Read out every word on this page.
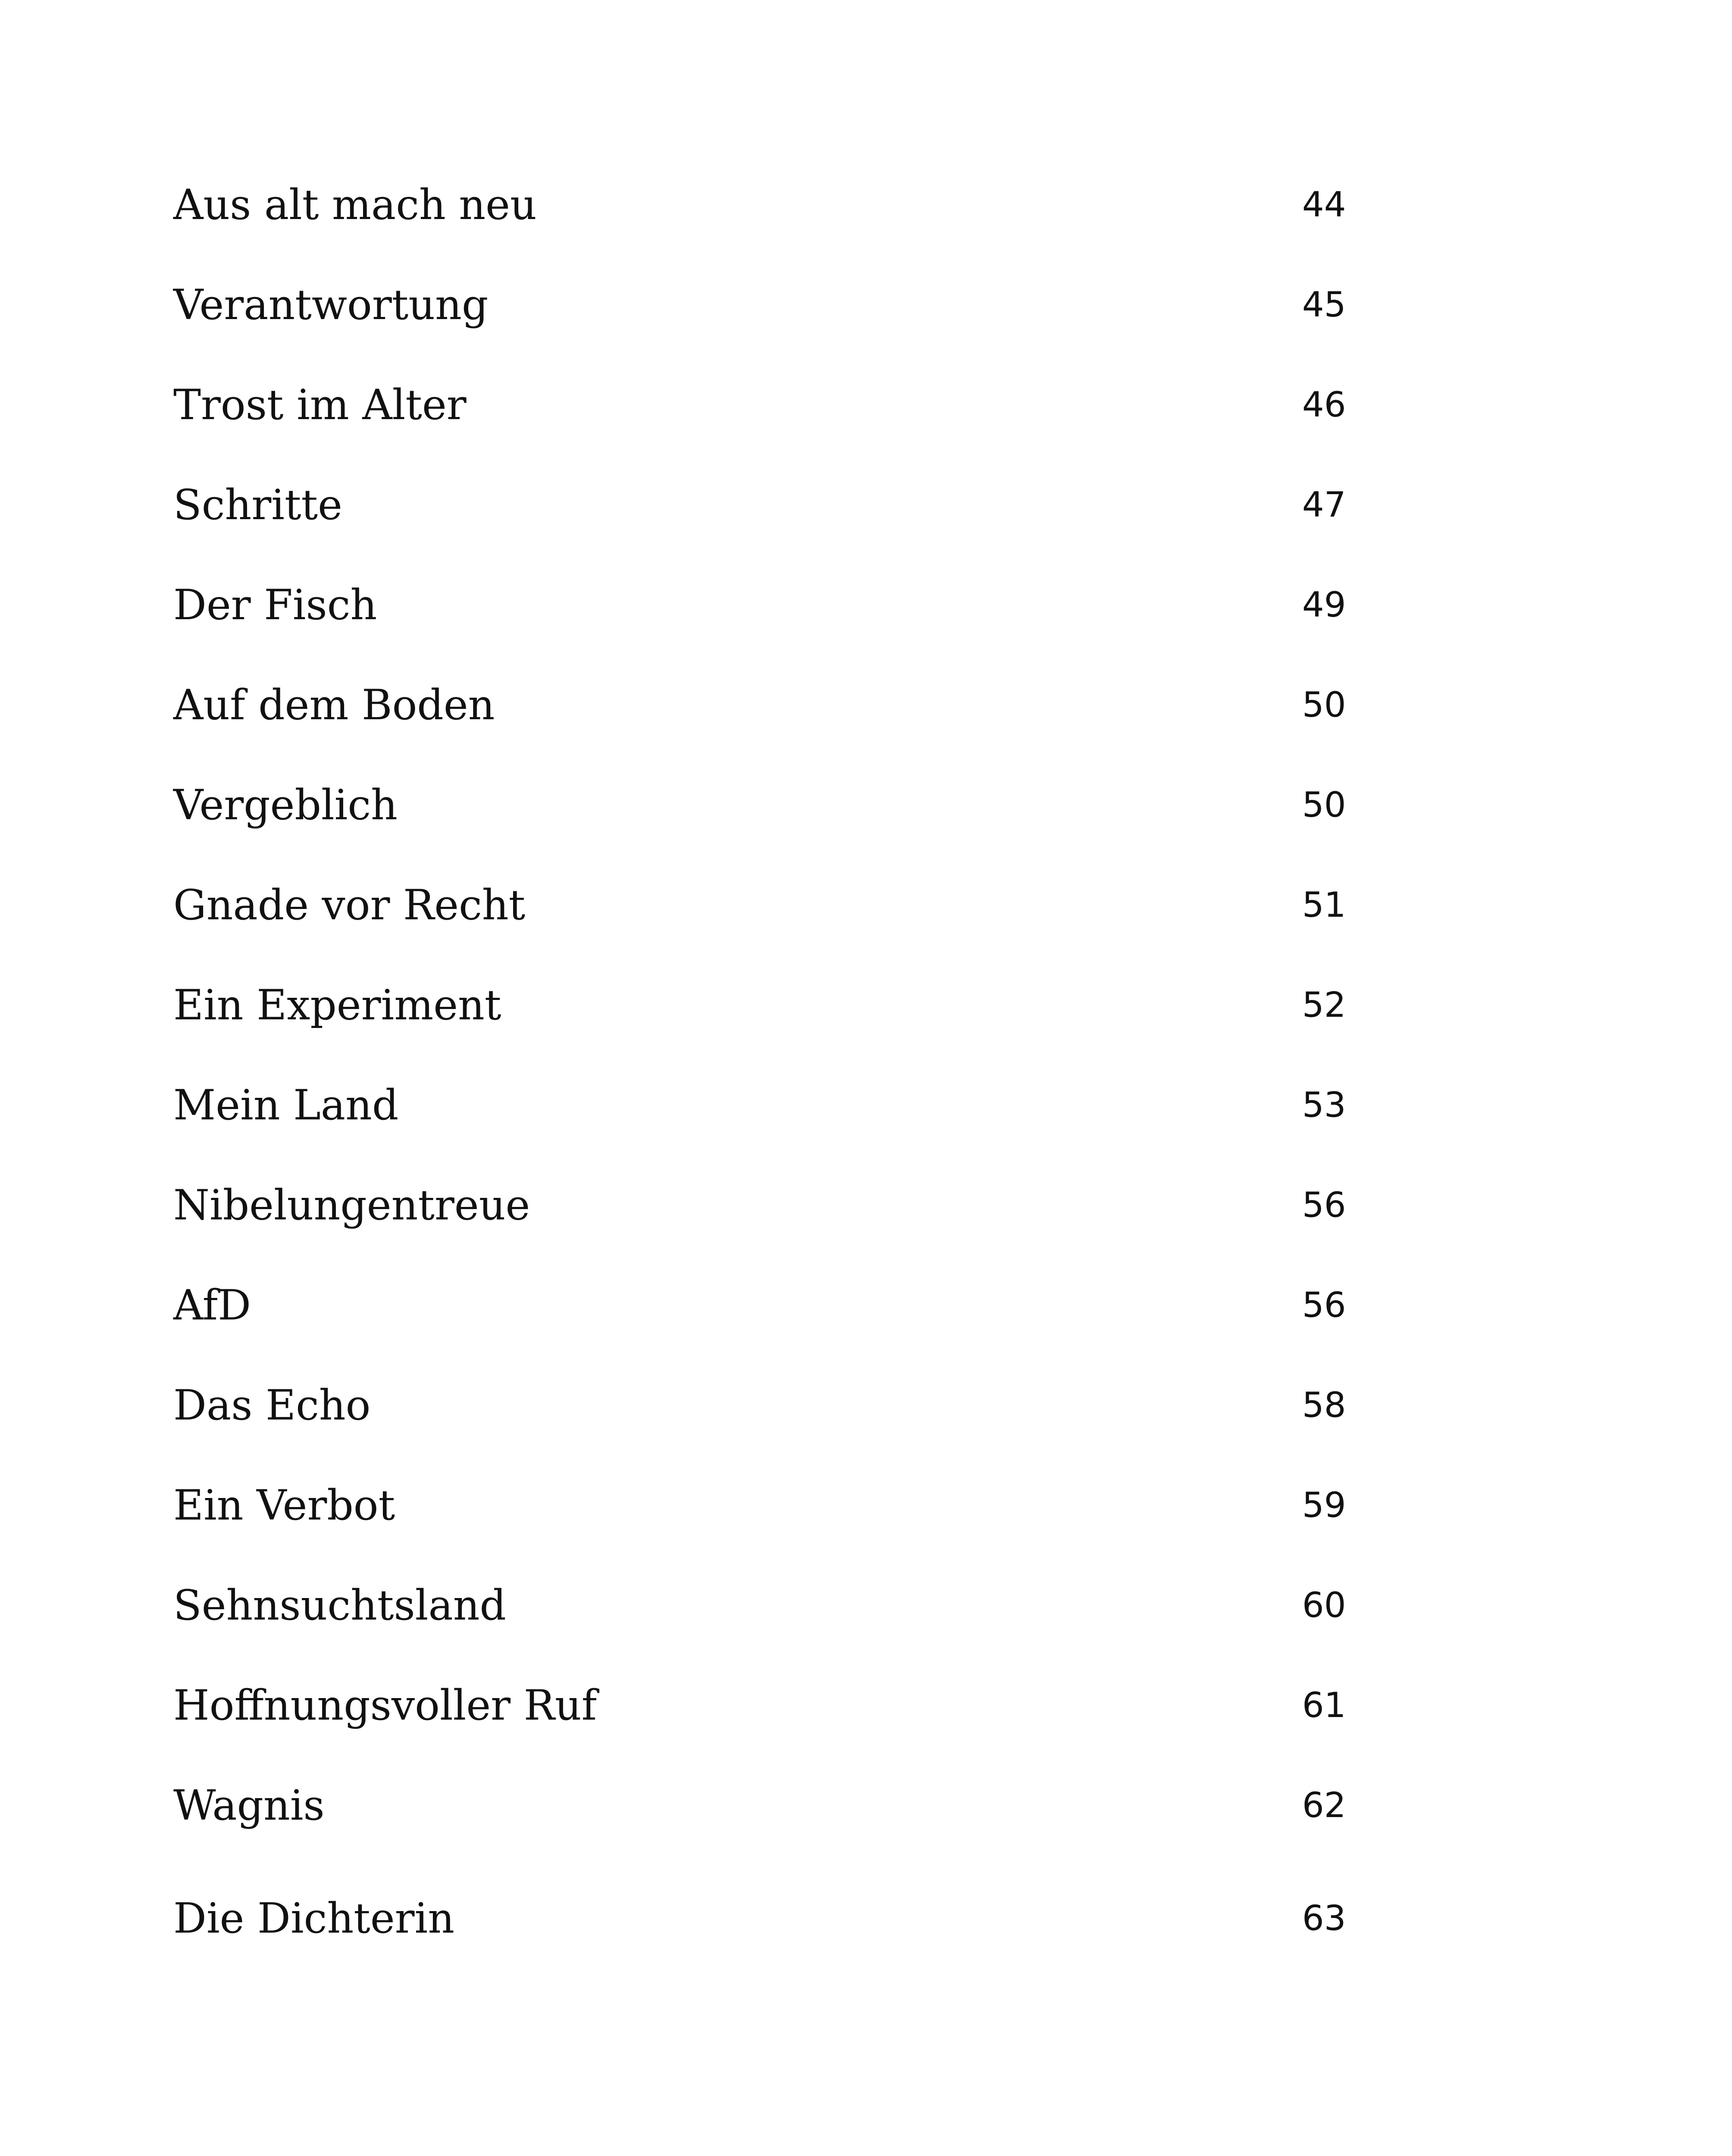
Aus alt mach neu	44
Verantwortung	45
Trost im Alter	46
Schritte	47
Der Fisch	49
Auf dem Boden	50
Vergeblich	50
Gnade vor Recht	51
Ein Experiment	52
Mein Land	53
Nibelungentreue	56
AfD	56
Das Echo	58
Ein Verbot	59
Sehnsuchtsland	60
Hoffnungsvoller Ruf	61
Wagnis	62
Die Dichterin	63
